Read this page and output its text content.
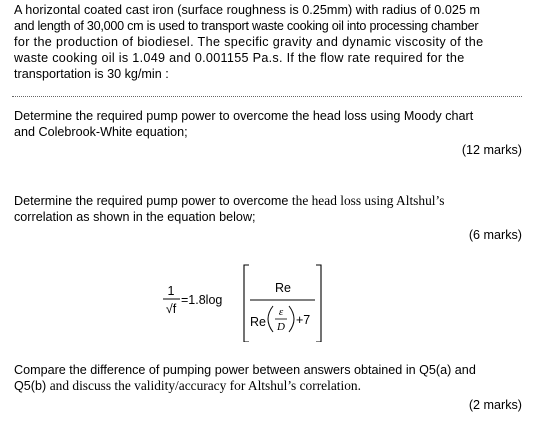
A horizontal coated cast iron (surface roughness is 0.25mm) with radius of 0.025 m
and length of 30,000 cm is used to transport waste cooking oil into processing chamber
for the production of biodiesel. The specific gravity and dynamic viscosity of the
waste cooking oil is 1.049 and 0.001155 Pa.s. If the flow rate required for the
transportation is 30 kg/min :
Determine the required pump power to overcome the head loss using Moody chart
and Colebrook-White equation;
(12 marks)
Determine the required pump power to overcome the head loss using Altshul’s
correlation as shown in the equation below;
(6 marks)
1
√f
=1.8log
Re
Re
ε
D +7
Compare the difference of pumping power between answers obtained in Q5(a) and
Q5(b) and discuss the validity/accuracy for Altshul’s correlation.
(2 marks)
